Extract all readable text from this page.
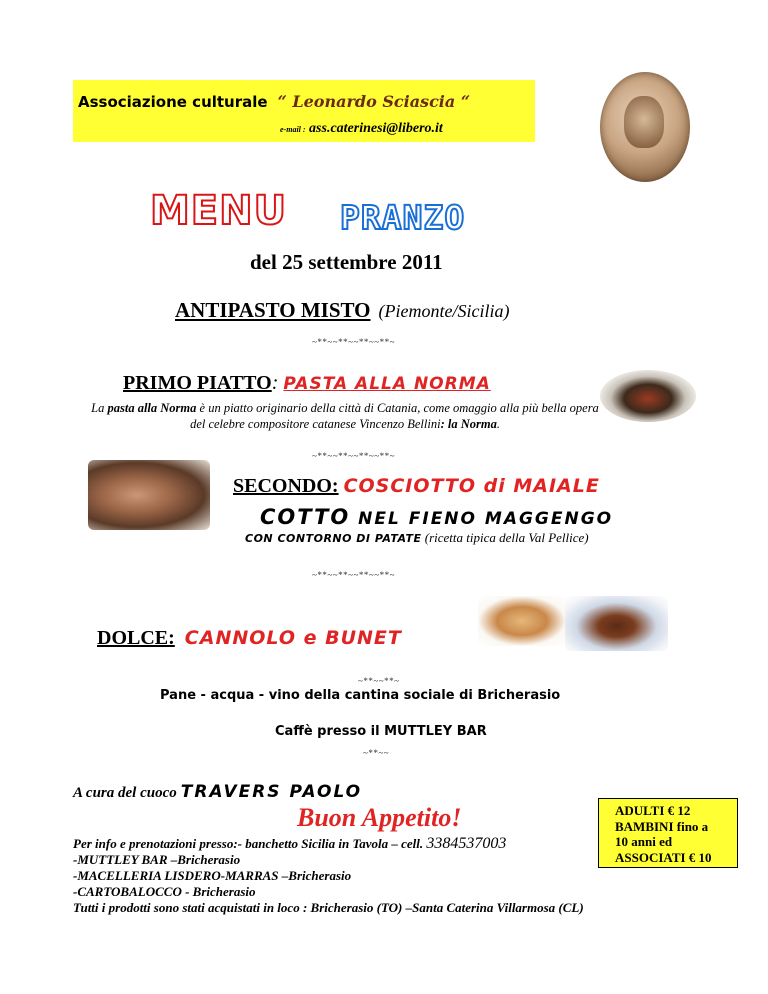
Associazione culturale “ Leonardo Sciascia “
e-mail : ass.caterinesi@libero.it
MENU PRANZO
del 25 settembre 2011
ANTIPASTO MISTO (Piemonte/Sicilia)
~**~~**~~**~~**~
PRIMO PIATTO: PASTA ALLA NORMA
La pasta alla Norma è un piatto originario della città di Catania, come omaggio alla più bella opera del celebre compositore catanese Vincenzo Bellini: la Norma.
~**~~**~~**~~**~
SECONDO: COSCIOTTO di MAIALE
COTTO NEL FIENO MAGGENGO
CON CONTORNO DI PATATE (ricetta tipica della Val Pellice)
~**~~**~~**~~**~
DOLCE: CANNOLO e BUNET
~**~~**~
Pane - acqua - vino della cantina sociale di Bricherasio
Caffè presso il MUTTLEY BAR
~**~~
A cura del cuoco TRAVERS PAOLO
Buon Appetito!	ADULTI € 12
BAMBINI fino a
10 anni ed
ASSOCIATI € 10
Per info e prenotazioni presso:- banchetto Sicilia in Tavola – cell. 3384537003
-MUTTLEY BAR –Bricherasio
-MACELLERIA LISDERO-MARRAS –Bricherasio
-CARTOBALOCCO - Bricherasio
Tutti i prodotti sono stati acquistati in loco : Bricherasio (TO) –Santa Caterina Villarmosa (CL)
